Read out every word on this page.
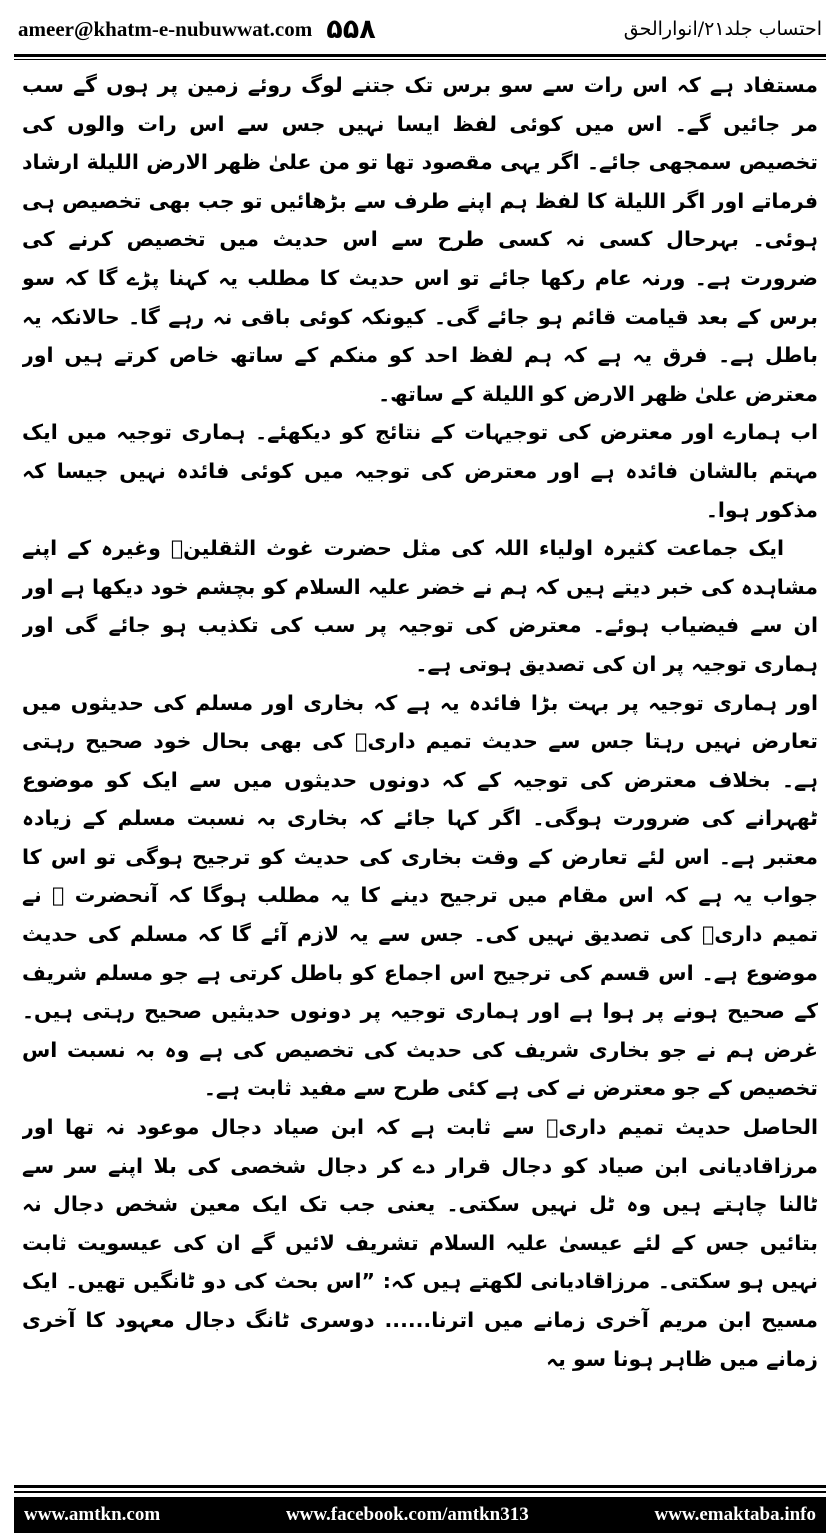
ameer@khatm-e-nubuwwat.com ۵۵۸	احتساب جلد۲۱/انوارالحق

مستفاد ہے کہ اس رات سے سو برس تک جتنے لوگ روئے زمین پر ہوں گے سب مر جائیں گے۔ اس میں کوئی لفظ ایسا نہیں جس سے اس رات والوں کی تخصیص سمجھی جائے۔ اگر یہی مقصود تھا تو من علیٰ ظهر الارض الليلة ارشاد فرماتے اور اگر الليلة کا لفظ ہم اپنے طرف سے بڑھائیں تو جب بھی تخصیص ہی ہوئی۔ بہرحال کسی نہ کسی طرح سے اس حدیث میں تخصیص کرنے کی ضرورت ہے۔ ورنہ عام رکھا جائے تو اس حدیث کا مطلب یہ کہنا پڑے گا کہ سو برس کے بعد قیامت قائم ہو جائے گی۔ کیونکہ کوئی باقی نہ رہے گا۔ حالانکہ یہ باطل ہے۔ فرق یہ ہے کہ ہم لفظ احد کو منکم کے ساتھ خاص کرتے ہیں اور معترض علیٰ ظهر الارض کو الليلة کے ساتھ۔

اب ہمارے اور معترض کی توجیہات کے نتائج کو دیکھئے۔ ہماری توجیہ میں ایک مہتم بالشان فائدہ ہے اور معترض کی توجیہ میں کوئی فائدہ نہیں جیسا کہ مذکور ہوا۔

ایک جماعت کثیرہ اولیاء اللہ کی مثل حضرت غوث الثقلینؒ وغیرہ کے اپنے مشاہدہ کی خبر دیتے ہیں کہ ہم نے خضر علیہ السلام کو بچشم خود دیکھا ہے اور ان سے فیضیاب ہوئے۔ معترض کی توجیہ پر سب کی تکذیب ہو جائے گی اور ہماری توجیہ پر ان کی تصدیق ہوتی ہے۔

اور ہماری توجیہ پر بہت بڑا فائدہ یہ ہے کہ بخاری اور مسلم کی حدیثوں میں تعارض نہیں رہتا جس سے حدیث تمیم داریؓ کی بھی بحال خود صحیح رہتی ہے۔ بخلاف معترض کی توجیہ کے کہ دونوں حدیثوں میں سے ایک کو موضوع ٹھہرانے کی ضرورت ہوگی۔ اگر کہا جائے کہ بخاری بہ نسبت مسلم کے زیادہ معتبر ہے۔ اس لئے تعارض کے وقت بخاری کی حدیث کو ترجیح ہوگی تو اس کا جواب یہ ہے کہ اس مقام میں ترجیح دینے کا یہ مطلب ہوگا کہ آنحضرت ﷺ نے تمیم داریؓ کی تصدیق نہیں کی۔ جس سے یہ لازم آئے گا کہ مسلم کی حدیث موضوع ہے۔ اس قسم کی ترجیح اس اجماع کو باطل کرتی ہے جو مسلم شریف کے صحیح ہونے پر ہوا ہے اور ہماری توجیہ پر دونوں حدیثیں صحیح رہتی ہیں۔ غرض ہم نے جو بخاری شریف کی حدیث کی تخصیص کی ہے وہ بہ نسبت اس تخصیص کے جو معترض نے کی ہے کئی طرح سے مفید ثابت ہے۔

الحاصل حدیث تمیم داریؓ سے ثابت ہے کہ ابن صیاد دجال موعود نہ تھا اور مرزاقادیانی ابن صیاد کو دجال قرار دے کر دجال شخصی کی بلا اپنے سر سے ٹالنا چاہتے ہیں وہ ٹل نہیں سکتی۔ یعنی جب تک ایک معین شخص دجال نہ بتائیں جس کے لئے عیسیٰ علیہ السلام تشریف لائیں گے ان کی عیسویت ثابت نہیں ہو سکتی۔ مرزاقادیانی لکھتے ہیں کہ: ”اس بحث کی دو ٹانگیں تھیں۔ ایک مسیح ابن مریم آخری زمانے میں اترنا...... دوسری ٹانگ دجال معہود کا آخری زمانے میں ظاہر ہونا سو یہ

www.amtkn.com	www.facebook.com/amtkn313	www.emaktaba.info
